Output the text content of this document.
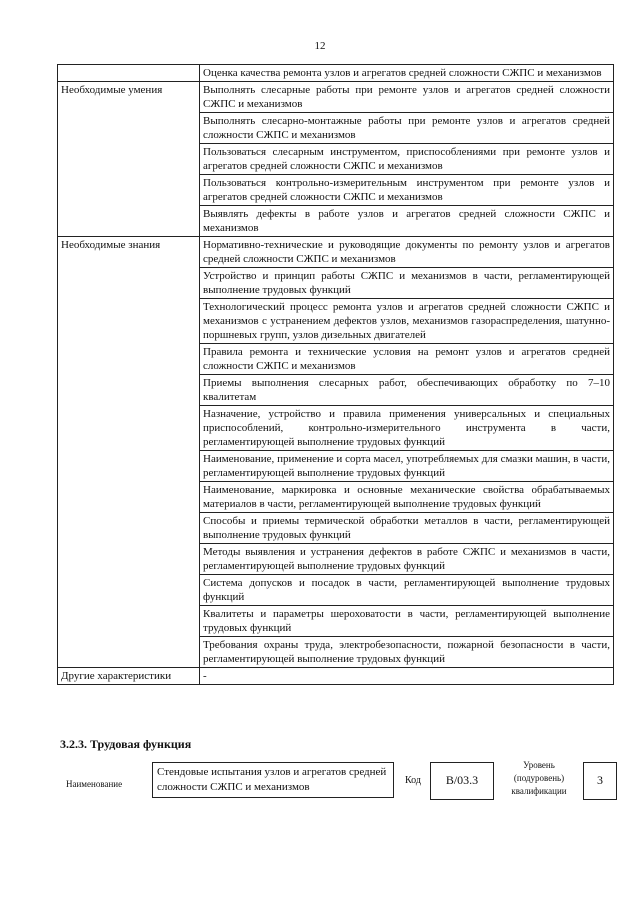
12
	Оценка качества ремонта узлов и агрегатов средней сложности СЖПС и механизмов
Необходимые умения	Выполнять слесарные работы при ремонте узлов и агрегатов средней сложности СЖПС и механизмов
	Выполнять слесарно-монтажные работы при ремонте узлов и агрегатов средней сложности СЖПС и механизмов
	Пользоваться слесарным инструментом, приспособлениями при ремонте узлов и агрегатов средней сложности СЖПС и механизмов
	Пользоваться контрольно-измерительным инструментом при ремонте узлов и агрегатов средней сложности СЖПС и механизмов
	Выявлять дефекты в работе узлов и агрегатов средней сложности СЖПС и механизмов
Необходимые знания	Нормативно-технические и руководящие документы по ремонту узлов и агрегатов средней сложности СЖПС и механизмов
	Устройство и принцип работы СЖПС и механизмов в части, регламентирующей выполнение трудовых функций
	Технологический процесс ремонта узлов и агрегатов средней сложности СЖПС и механизмов с устранением дефектов узлов, механизмов газораспределения, шатунно-поршневых групп, узлов дизельных двигателей
	Правила ремонта и технические условия на ремонт узлов и агрегатов средней сложности СЖПС и механизмов
	Приемы выполнения слесарных работ, обеспечивающих обработку по 7–10 квалитетам
	Назначение, устройство и правила применения универсальных и специальных приспособлений, контрольно-измерительного инструмента в части, регламентирующей выполнение трудовых функций
	Наименование, применение и сорта масел, употребляемых для смазки машин, в части, регламентирующей выполнение трудовых функций
	Наименование, маркировка и основные механические свойства обрабатываемых материалов в части, регламентирующей выполнение трудовых функций
	Способы и приемы термической обработки металлов в части, регламентирующей выполнение трудовых функций
	Методы выявления и устранения дефектов в работе СЖПС и механизмов в части, регламентирующей выполнение трудовых функций
	Система допусков и посадок в части, регламентирующей выполнение трудовых функций
	Квалитеты и параметры шероховатости в части, регламентирующей выполнение трудовых функций
	Требования охраны труда, электробезопасности, пожарной безопасности в части, регламентирующей выполнение трудовых функций
Другие характеристики	-
3.2.3. Трудовая функция
Наименование
Стендовые испытания узлов и агрегатов средней сложности СЖПС и механизмов
Код	В/03.3
Уровень (подуровень) квалификации
3
